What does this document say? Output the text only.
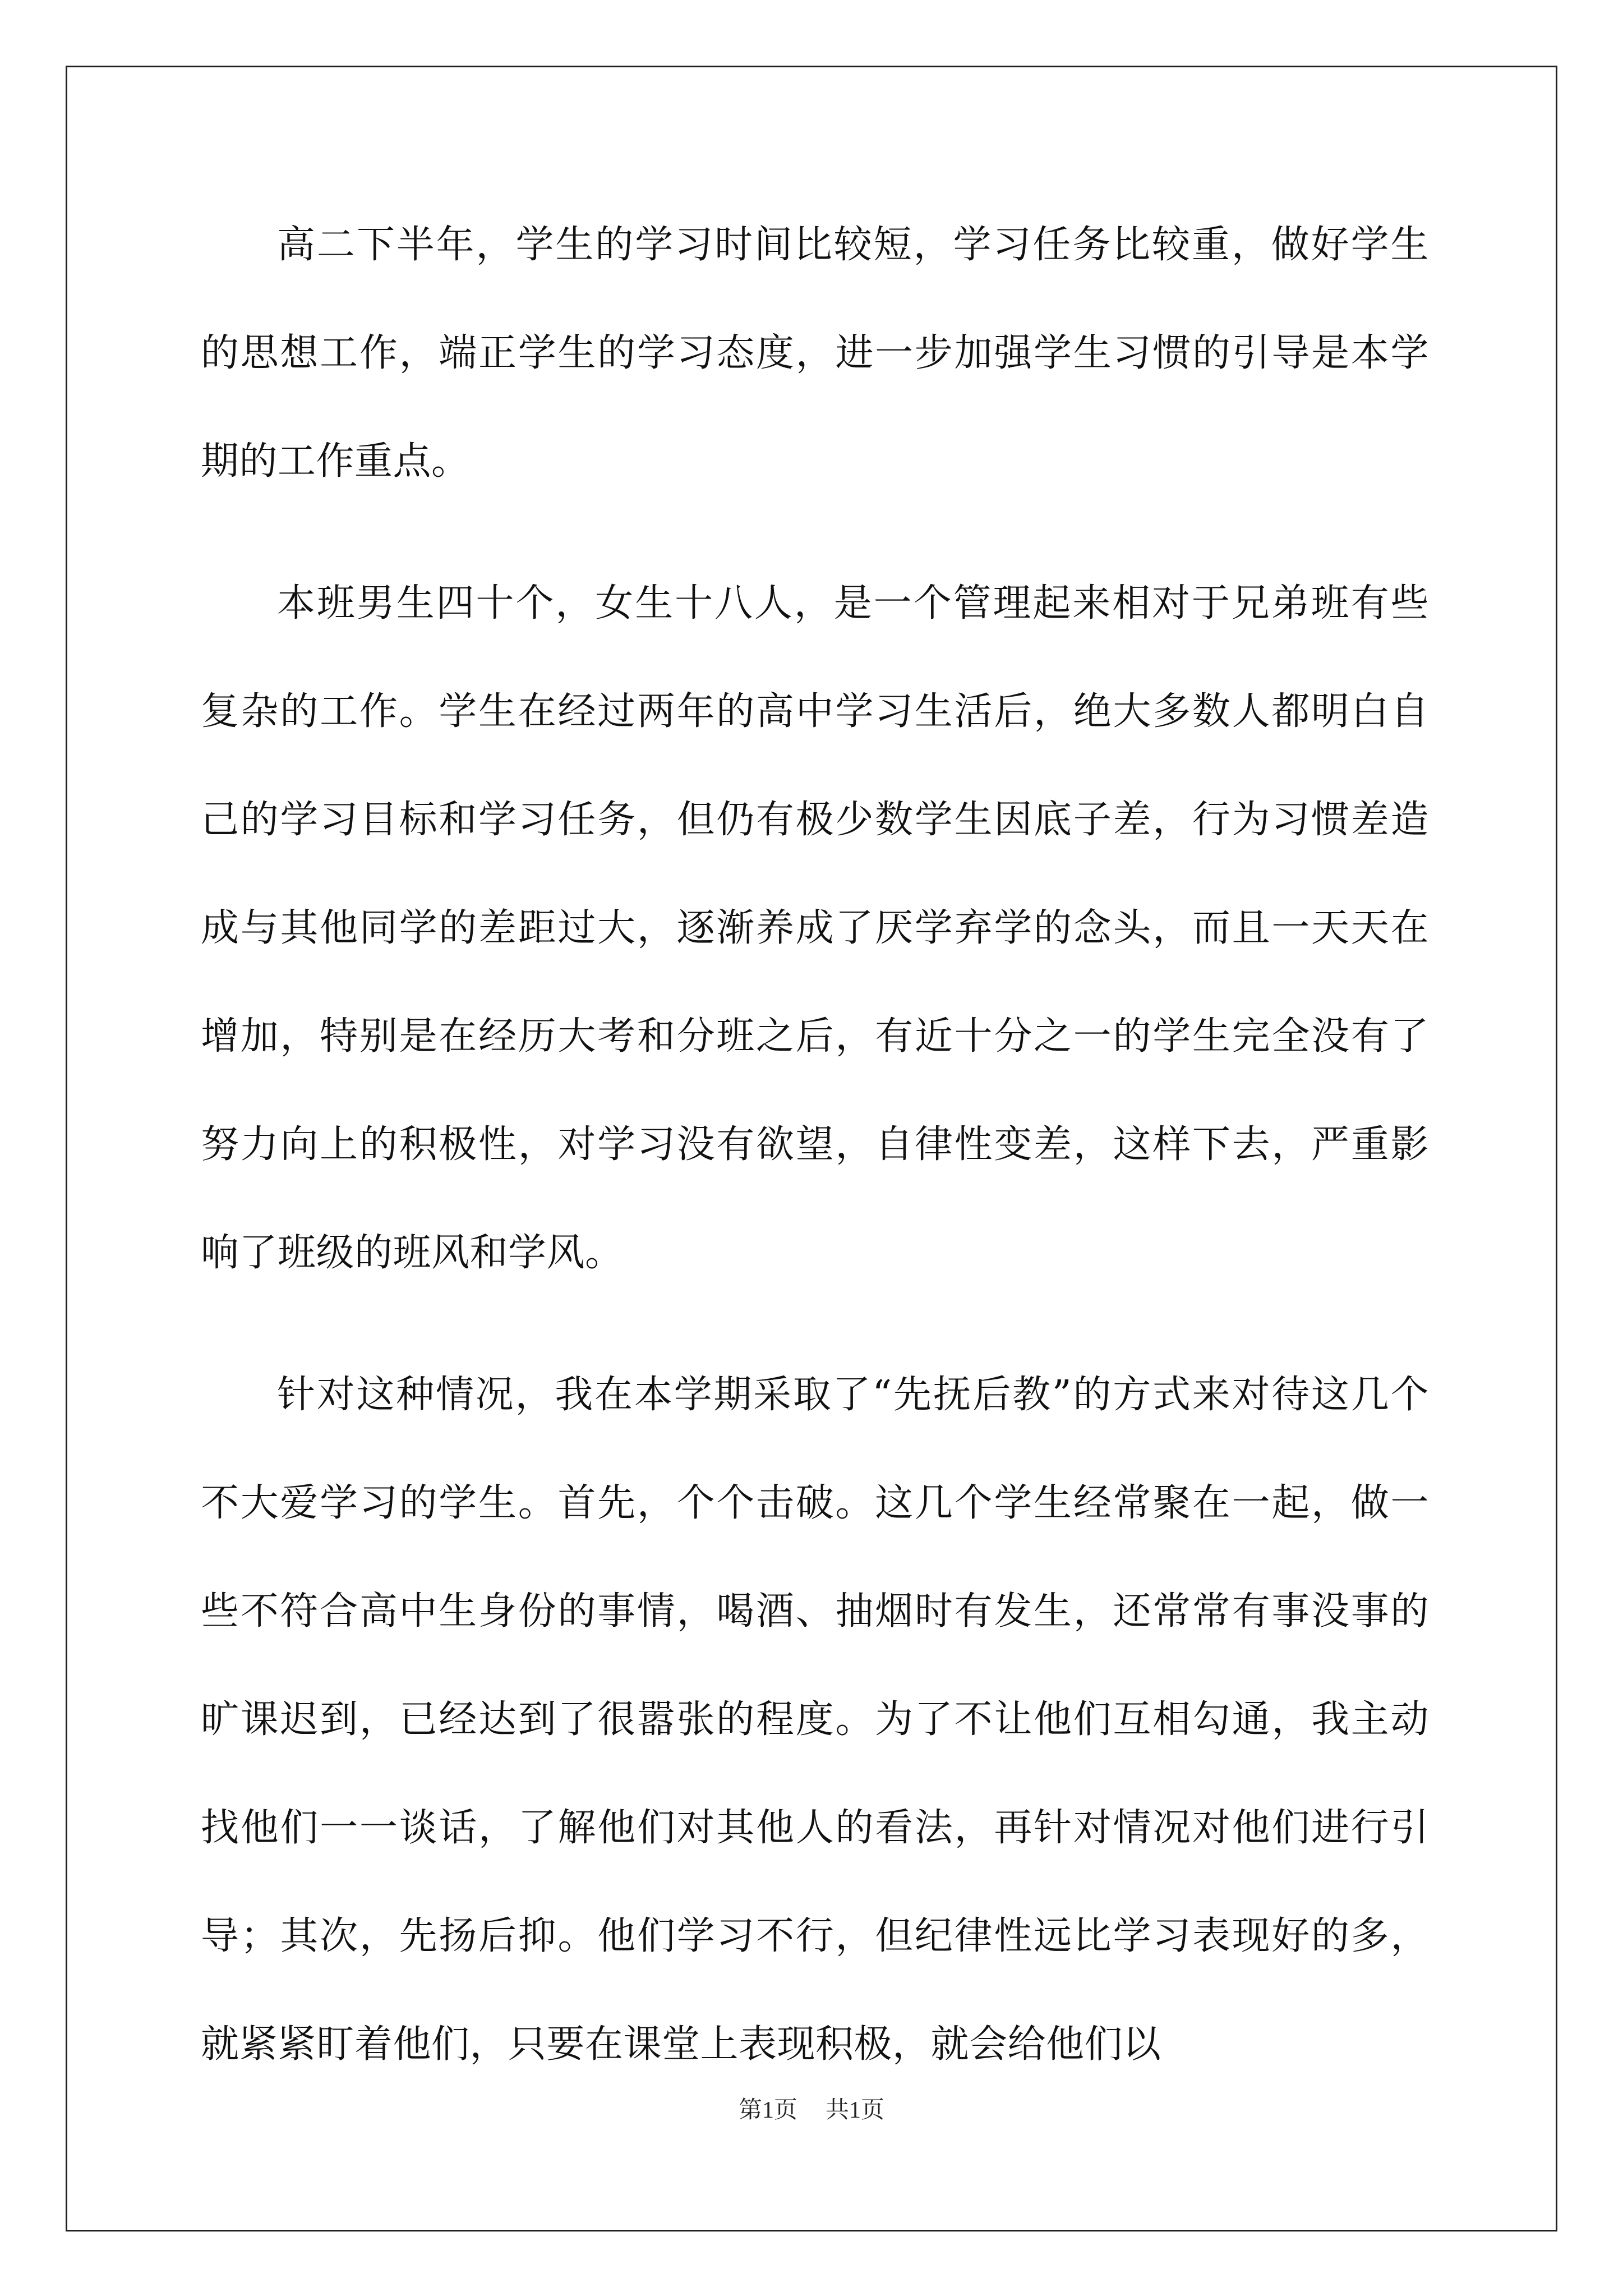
高二下半年，学生的学习时间比较短，学习任务比较重，做好学生的思想工作，端正学生的学习态度，进一步加强学生习惯的引导是本学期的工作重点。

本班男生四十个，女生十八人，是一个管理起来相对于兄弟班有些复杂的工作。学生在经过两年的高中学习生活后，绝大多数人都明白自己的学习目标和学习任务，但仍有极少数学生因底子差，行为习惯差造成与其他同学的差距过大，逐渐养成了厌学弃学的念头，而且一天天在增加，特别是在经历大考和分班之后，有近十分之一的学生完全没有了努力向上的积极性，对学习没有欲望，自律性变差，这样下去，严重影响了班级的班风和学风。

针对这种情况，我在本学期采取了“先抚后教”的方式来对待这几个不大爱学习的学生。首先，个个击破。这几个学生经常聚在一起，做一些不符合高中生身份的事情，喝酒、抽烟时有发生，还常常有事没事的旷课迟到，已经达到了很嚣张的程度。为了不让他们互相勾通，我主动找他们一一谈话，了解他们对其他人的看法，再针对情况对他们进行引导；其次，先扬后抑。他们学习不行，但纪律性远比学习表现好的多，就紧紧盯着他们，只要在课堂上表现积极，就会给他们以

第1页 共1页
